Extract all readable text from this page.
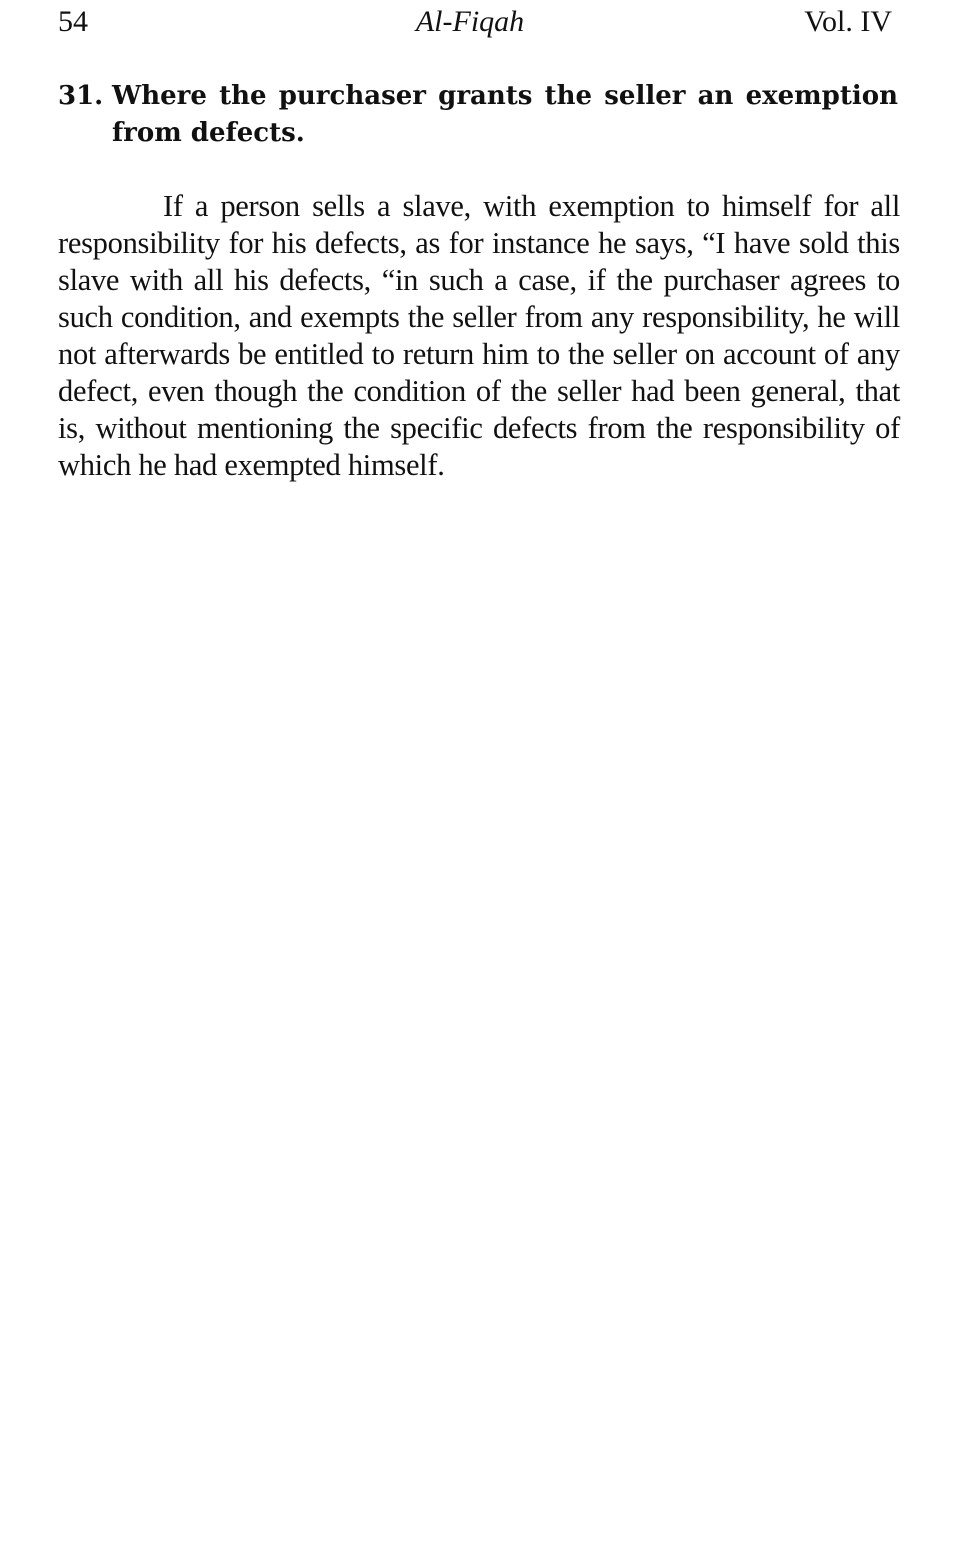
54	Al-Fiqah	Vol. IV
31. Where the purchaser grants the seller an exemption
from defects.

If a person sells a slave, with exemption to himself for all responsibility for his defects, as for instance he says, “I have sold this slave with all his defects, “in such a case, if the purchaser agrees to such condition, and exempts the seller from any responsibility, he will not afterwards be entitled to return him to the seller on account of any defect, even though the condition of the seller had been general, that is, without mentioning the specific defects from the responsibility of which he had exempted himself.
